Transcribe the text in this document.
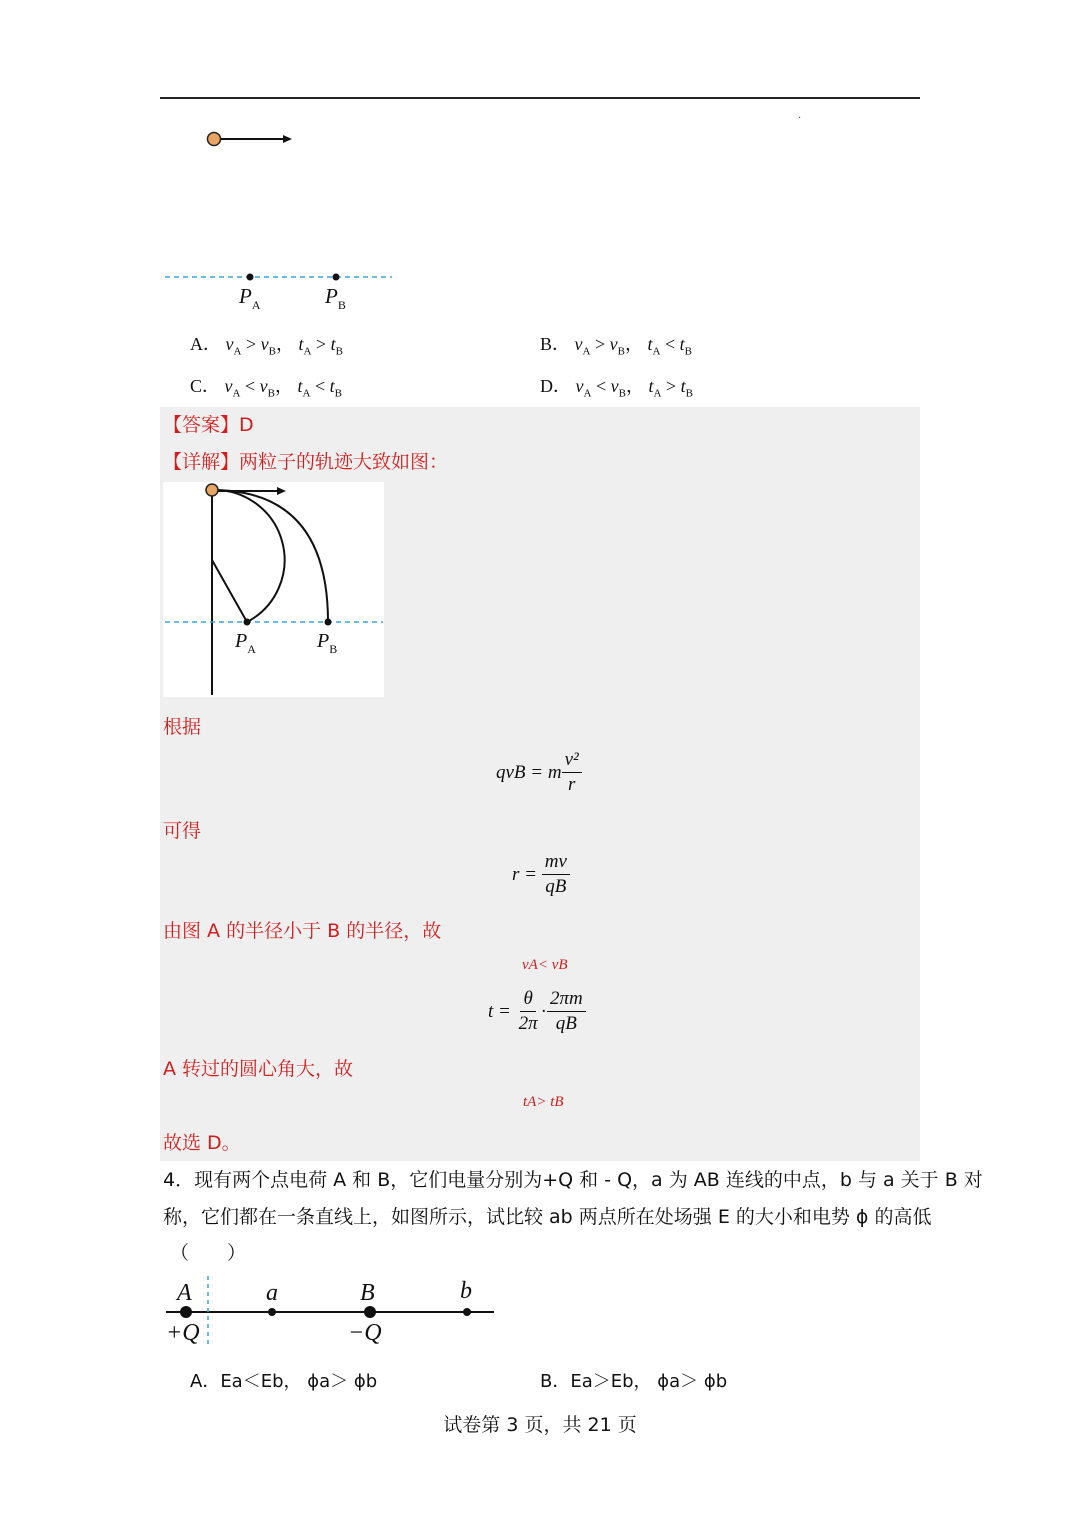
·
$P_A$	$P_B$
A． $v_A > v_B$， $t_A > t_B$	B． $v_A > v_B$， $t_A < t_B$
C． $v_A < v_B$， $t_A < t_B$	D． $v_A < v_B$， $t_A > t_B$
【答案】D
【详解】两粒子的轨迹大致如图：
$P_A$	$P_B$
根据
qvB = m $\frac{\text{v²}}{r}$
可得
r =
$\frac{mv}{qB}$
由图 A 的半径小于 B 的半径，故
vA< vB
t =
$\frac{\theta}{2\pi} \cdot \frac{2\pi m}{qB}$
A 转过的圆心角大，故
tA> tB
故选 D。
4．现有两个点电荷 A 和 B，它们电量分别为+Q 和 - Q，a 为 AB 连线的中点，b 与 a 关于 B 对
称，它们都在一条直线上，如图所示，试比较 ab 两点所在处场强 E 的大小和电势 ϕ 的高低
（　　）
A	a	B	b
+Q	−Q
A．Ea＜Eb， ϕa＞ ϕb	B．Ea＞Eb， ϕa＞ ϕb
试卷第 3 页，共 21 页
